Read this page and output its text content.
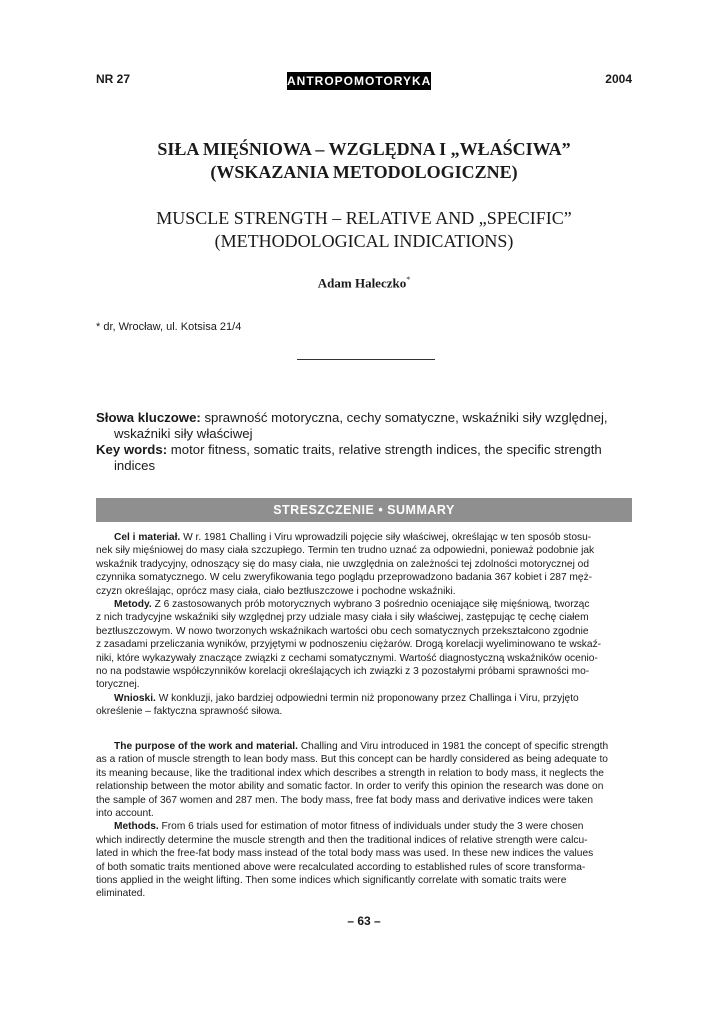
NR 27	ANTROPOMOTORYKA	2004
SIŁA MIĘŚNIOWA – WZGLĘDNA I „WŁAŚCIWA”
(WSKAZANIA METODOLOGICZNE)
MUSCLE STRENGTH – RELATIVE AND „SPECIFIC”
(METHODOLOGICAL INDICATIONS)
Adam Haleczko*
* dr, Wrocław, ul. Kotsisa 21/4
Słowa kluczowe: sprawność motoryczna, cechy somatyczne, wskaźniki siły względnej,
wskaźniki siły właściwej
Key words: motor fitness, somatic traits, relative strength indices, the specific strength
indices
STRESZCZENIE • SUMMARY
Cel i materiał. W r. 1981 Challing i Viru wprowadzili pojęcie siły właściwej, określając w ten sposób stosu-
nek siły mięśniowej do masy ciała szczupłego. Termin ten trudno uznać za odpowiedni, ponieważ podobnie jak
wskaźnik tradycyjny, odnoszący się do masy ciała, nie uwzględnia on zależności tej zdolności motorycznej od
czynnika somatycznego. W celu zweryfikowania tego poglądu przeprowadzono badania 367 kobiet i 287 męż-
czyzn określając, oprócz masy ciała, ciało beztłuszczowe i pochodne wskaźniki.
Metody. Z 6 zastosowanych prób motorycznych wybrano 3 pośrednio oceniające siłę mięśniową, tworząc
z nich tradycyjne wskaźniki siły względnej przy udziale masy ciała i siły właściwej, zastępując tę cechę ciałem
beztłuszczowym. W nowo tworzonych wskaźnikach wartości obu cech somatycznych przekształcono zgodnie
z zasadami przeliczania wyników, przyjętymi w podnoszeniu ciężarów. Drogą korelacji wyeliminowano te wskaź-
niki, które wykazywały znaczące związki z cechami somatycznymi. Wartość diagnostyczną wskaźników oceniо-
no na podstawie współczynników korelacji określających ich związki z 3 pozostałymi próbami sprawności mo-
torycznej.
Wnioski. W konkluzji, jako bardziej odpowiedni termin niż proponowany przez Challinga i Viru, przyjęto
określenie – faktyczna sprawność siłowa.
The purpose of the work and material. Challing and Viru introduced in 1981 the concept of specific strength
as a ration of muscle strength to lean body mass. But this concept can be hardly considered as being adequate to
its meaning because, like the traditional index which describes a strength in relation to body mass, it neglects the
relationship between the motor ability and somatic factor. In order to verify this opinion the research was done on
the sample of 367 women and 287 men. The body mass, free fat body mass and derivative indices were taken
into account.
Methods. From 6 trials used for estimation of motor fitness of individuals under study the 3 were chosen
which indirectly determine the muscle strength and then the traditional indices of relative strength were calcu-
lated in which the free-fat body mass instead of the total body mass was used. In these new indices the values
of both somatic traits mentioned above were recalculated according to established rules of score transforma-
tions applied in the weight lifting. Then some indices which significantly correlate with somatic traits were
eliminated.
– 63 –
